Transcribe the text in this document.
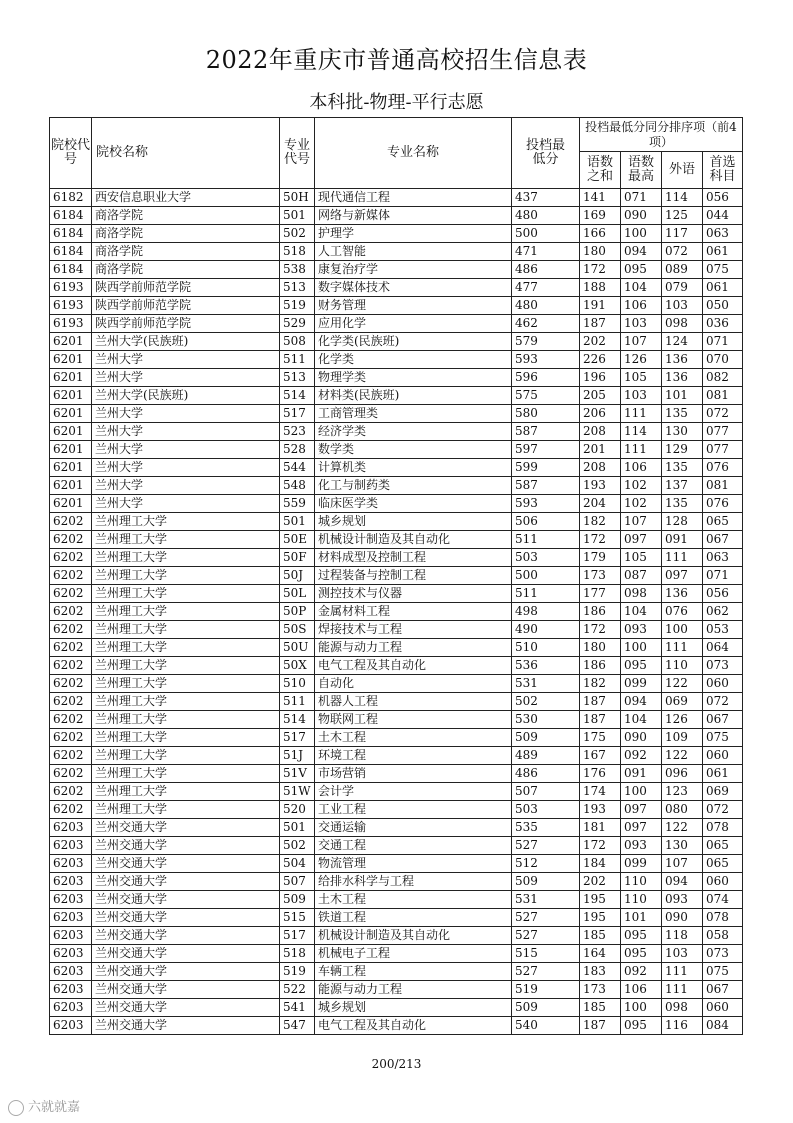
2022年重庆市普通高校招生信息表
本科批-物理-平行志愿
院校代号	院校名称	专业代号	专业名称	投档最低分	投档最低分同分排序项（前4项）			
					语数之和	语数最高	外语	首选科目
6182	西安信息职业大学	50H	现代通信工程	437	141	071	114	056
6184	商洛学院	501	网络与新媒体	480	169	090	125	044
6184	商洛学院	502	护理学	500	166	100	117	063
6184	商洛学院	518	人工智能	471	180	094	072	061
6184	商洛学院	538	康复治疗学	486	172	095	089	075
6193	陕西学前师范学院	513	数字媒体技术	477	188	104	079	061
6193	陕西学前师范学院	519	财务管理	480	191	106	103	050
6193	陕西学前师范学院	529	应用化学	462	187	103	098	036
6201	兰州大学(民族班)	508	化学类(民族班)	579	202	107	124	071
6201	兰州大学	511	化学类	593	226	126	136	070
6201	兰州大学	513	物理学类	596	196	105	136	082
6201	兰州大学(民族班)	514	材料类(民族班)	575	205	103	101	081
6201	兰州大学	517	工商管理类	580	206	111	135	072
6201	兰州大学	523	经济学类	587	208	114	130	077
6201	兰州大学	528	数学类	597	201	111	129	077
6201	兰州大学	544	计算机类	599	208	106	135	076
6201	兰州大学	548	化工与制药类	587	193	102	137	081
6201	兰州大学	559	临床医学类	593	204	102	135	076
6202	兰州理工大学	501	城乡规划	506	182	107	128	065
6202	兰州理工大学	50E	机械设计制造及其自动化	511	172	097	091	067
6202	兰州理工大学	50F	材料成型及控制工程	503	179	105	111	063
6202	兰州理工大学	50J	过程装备与控制工程	500	173	087	097	071
6202	兰州理工大学	50L	测控技术与仪器	511	177	098	136	056
6202	兰州理工大学	50P	金属材料工程	498	186	104	076	062
6202	兰州理工大学	50S	焊接技术与工程	490	172	093	100	053
6202	兰州理工大学	50U	能源与动力工程	510	180	100	111	064
6202	兰州理工大学	50X	电气工程及其自动化	536	186	095	110	073
6202	兰州理工大学	510	自动化	531	182	099	122	060
6202	兰州理工大学	511	机器人工程	502	187	094	069	072
6202	兰州理工大学	514	物联网工程	530	187	104	126	067
6202	兰州理工大学	517	土木工程	509	175	090	109	075
6202	兰州理工大学	51J	环境工程	489	167	092	122	060
6202	兰州理工大学	51V	市场营销	486	176	091	096	061
6202	兰州理工大学	51W	会计学	507	174	100	123	069
6202	兰州理工大学	520	工业工程	503	193	097	080	072
6203	兰州交通大学	501	交通运输	535	181	097	122	078
6203	兰州交通大学	502	交通工程	527	172	093	130	065
6203	兰州交通大学	504	物流管理	512	184	099	107	065
6203	兰州交通大学	507	给排水科学与工程	509	202	110	094	060
6203	兰州交通大学	509	土木工程	531	195	110	093	074
6203	兰州交通大学	515	铁道工程	527	195	101	090	078
6203	兰州交通大学	517	机械设计制造及其自动化	527	185	095	118	058
6203	兰州交通大学	518	机械电子工程	515	164	095	103	073
6203	兰州交通大学	519	车辆工程	527	183	092	111	075
6203	兰州交通大学	522	能源与动力工程	519	173	106	111	067
6203	兰州交通大学	541	城乡规划	509	185	100	098	060
6203	兰州交通大学	547	电气工程及其自动化	540	187	095	116	084
200/213
六就就嘉
